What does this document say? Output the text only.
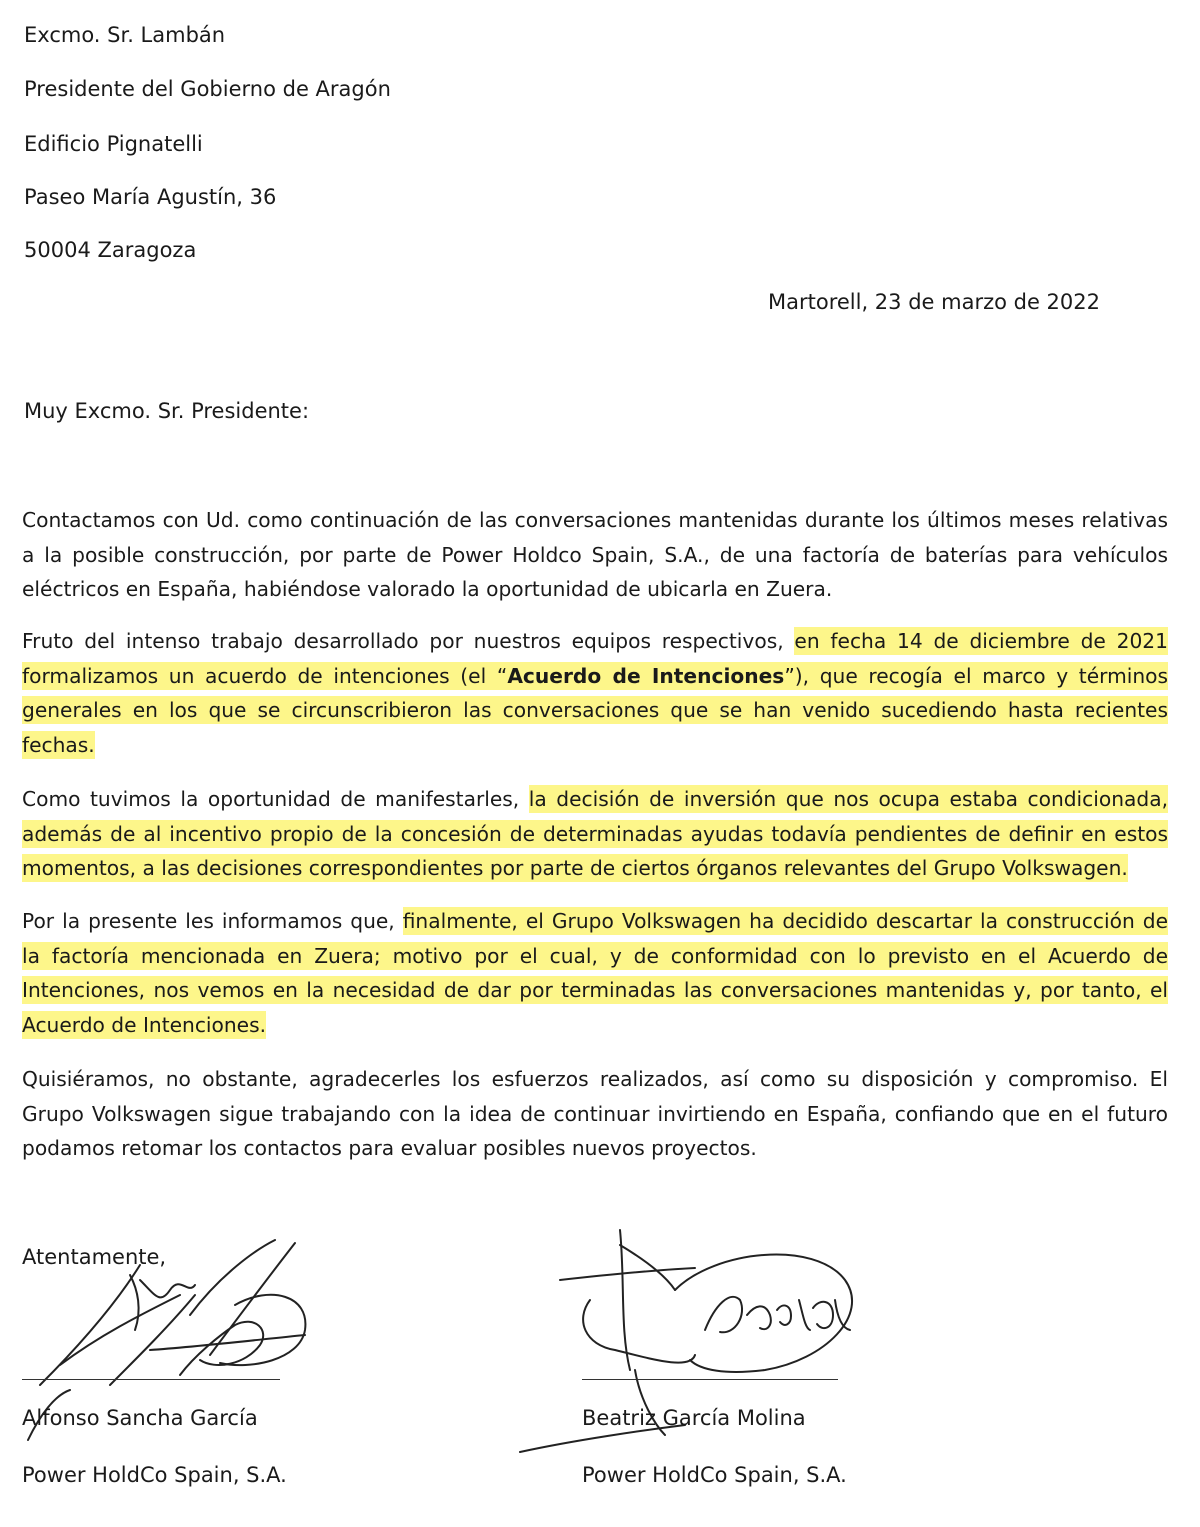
Excmo. Sr. Lambán
Presidente del Gobierno de Aragón
Edificio Pignatelli
Paseo María Agustín, 36
50004 Zaragoza
Martorell, 23 de marzo de 2022
Muy Excmo. Sr. Presidente:

Contactamos con Ud. como continuación de las conversaciones mantenidas durante los últimos meses relativas a la posible construcción, por parte de Power Holdco Spain, S.A., de una factoría de baterías para vehículos eléctricos en España, habiéndose valorado la oportunidad de ubicarla en Zuera.

Fruto del intenso trabajo desarrollado por nuestros equipos respectivos, en fecha 14 de diciembre de 2021 formalizamos un acuerdo de intenciones (el “Acuerdo de Intenciones”), que recogía el marco y términos generales en los que se circunscribieron las conversaciones que se han venido sucediendo hasta recientes fechas.

Como tuvimos la oportunidad de manifestarles, la decisión de inversión que nos ocupa estaba condicionada, además de al incentivo propio de la concesión de determinadas ayudas todavía pendientes de definir en estos momentos, a las decisiones correspondientes por parte de ciertos órganos relevantes del Grupo Volkswagen.

Por la presente les informamos que, finalmente, el Grupo Volkswagen ha decidido descartar la construcción de la factoría mencionada en Zuera; motivo por el cual, y de conformidad con lo previsto en el Acuerdo de Intenciones, nos vemos en la necesidad de dar por terminadas las conversaciones mantenidas y, por tanto, el Acuerdo de Intenciones.

Quisiéramos, no obstante, agradecerles los esfuerzos realizados, así como su disposición y compromiso. El Grupo Volkswagen sigue trabajando con la idea de continuar invirtiendo en España, confiando que en el futuro podamos retomar los contactos para evaluar posibles nuevos proyectos.

Atentamente,
Alfonso Sancha García
Power HoldCo Spain, S.A.
Beatriz García Molina
Power HoldCo Spain, S.A.
